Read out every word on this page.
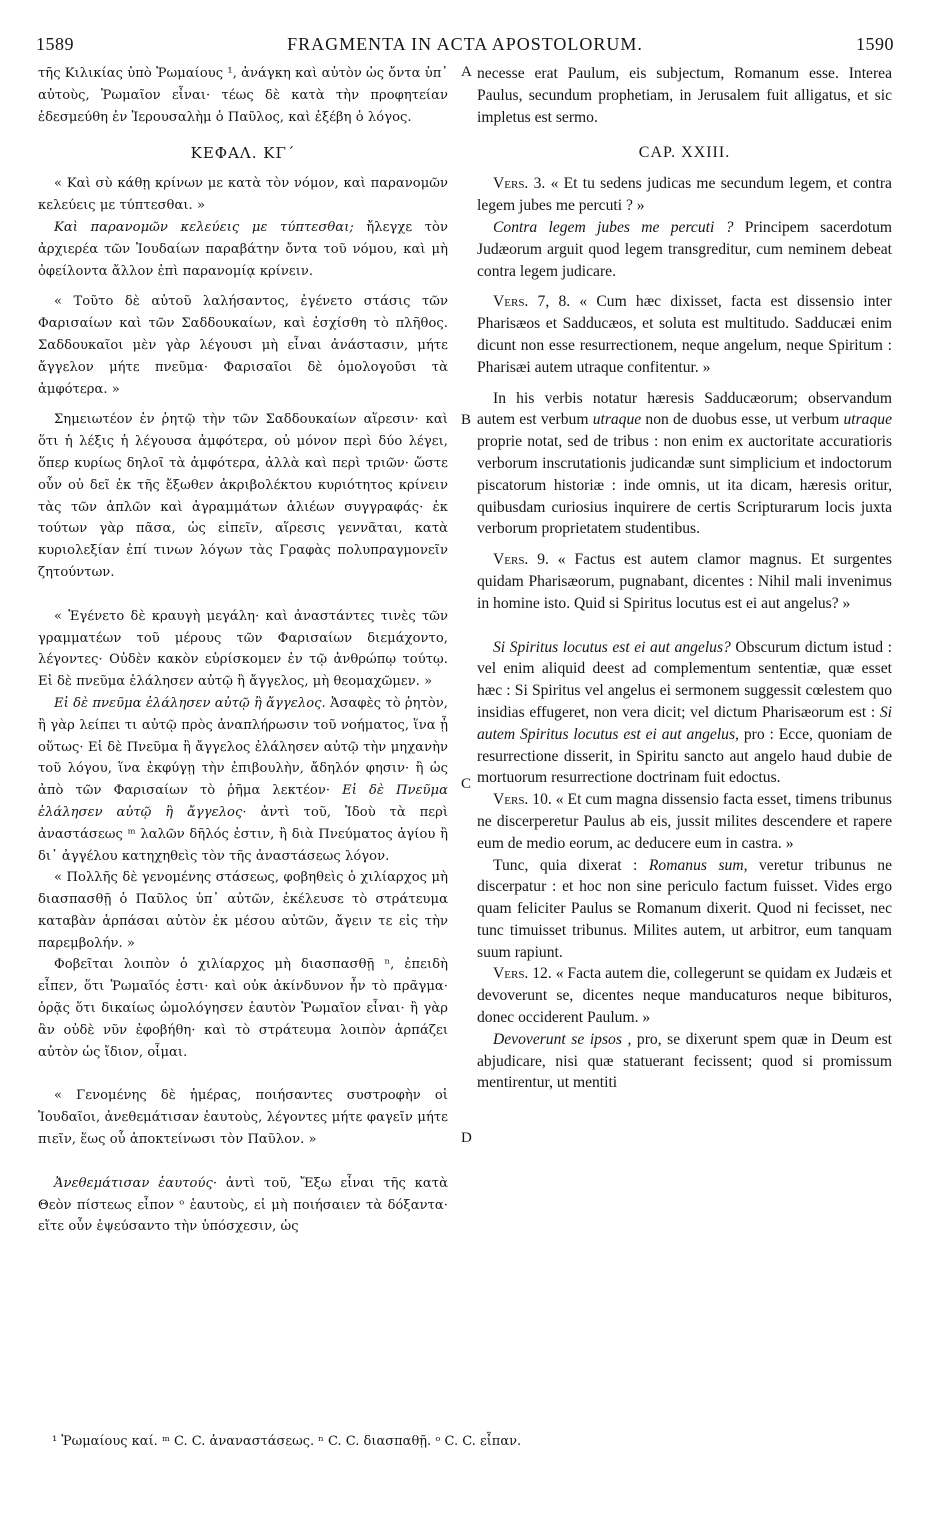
1589	FRAGMENTA IN ACTA APOSTOLORUM.	1590

τῆς Κιλικίας ὑπὸ Ῥωμαίους ¹, ἀνάγκη καὶ αὐτὸν ὡς ὄντα ὑπ᾽ αὐτοὺς, Ῥωμαῖον εἶναι· τέως δὲ κατὰ τὴν προφητείαν ἐδεσμεύθη ἐν Ἱερουσαλὴμ ὁ Παῦλος, καὶ ἐξέβη ὁ λόγος.

ΚΕΦΑΛ. ΚΓ´

« Καὶ σὺ κάθῃ κρίνων με κατὰ τὸν νόμον, καὶ παρανομῶν κελεύεις με τύπτεσθαι. »

Καὶ παρανομῶν κελεύεις με τύπτεσθαι; ἤλεγχε τὸν ἀρχιερέα τῶν Ἰουδαίων παραβάτην ὄντα τοῦ νόμου, καὶ μὴ ὀφείλοντα ἄλλον ἐπὶ παρανομίᾳ κρίνειν.

« Τοῦτο δὲ αὐτοῦ λαλήσαντος, ἐγένετο στάσις τῶν Φαρισαίων καὶ τῶν Σαδδουκαίων, καὶ ἐσχίσθη τὸ πλῆθος. Σαδδουκαῖοι μὲν γὰρ λέγουσι μὴ εἶναι ἀνάστασιν, μήτε ἄγγελον μήτε πνεῦμα· Φαρισαῖοι δὲ ὁμολογοῦσι τὰ ἀμφότερα. »

Σημειωτέον ἐν ῥητῷ τὴν τῶν Σαδδουκαίων αἵρεσιν· καὶ ὅτι ἡ λέξις ἡ λέγουσα ἀμφότερα, οὐ μόνον περὶ δύο λέγει, ὅπερ κυρίως δηλοῖ τὰ ἀμφότερα, ἀλλὰ καὶ περὶ τριῶν· ὥστε οὖν οὐ δεῖ ἐκ τῆς ἔξωθεν ἀκριβολέκτου κυριότητος κρίνειν τὰς τῶν ἁπλῶν καὶ ἀγραμμάτων ἁλιέων συγγραφάς· ἐκ τούτων γὰρ πᾶσα, ὡς εἰπεῖν, αἵρεσις γεννᾶται, κατὰ κυριολεξίαν ἐπί τινων λόγων τὰς Γραφὰς πολυπραγμονεῖν ζητούντων.

« Ἐγένετο δὲ κραυγὴ μεγάλη· καὶ ἀναστάντες τινὲς τῶν γραμματέων τοῦ μέρους τῶν Φαρισαίων διεμάχοντο, λέγοντες· Οὐδὲν κακὸν εὑρίσκομεν ἐν τῷ ἀνθρώπῳ τούτῳ. Εἰ δὲ πνεῦμα ἐλάλησεν αὐτῷ ἢ ἄγγελος, μὴ θεομαχῶμεν. »

Εἰ δὲ πνεῦμα ἐλάλησεν αὐτῷ ἢ ἄγγελος. Ἀσαφὲς τὸ ῥητὸν, ἢ γὰρ λείπει τι αὐτῷ πρὸς ἀναπλήρωσιν τοῦ νοήματος, ἵνα ᾖ οὕτως· Εἰ δὲ Πνεῦμα ἢ ἄγγελος ἐλάλησεν αὐτῷ τὴν μηχανὴν τοῦ λόγου, ἵνα ἐκφύγῃ τὴν ἐπιβουλὴν, ἄδηλόν φησιν· ἢ ὡς ἀπὸ τῶν Φαρισαίων τὸ ῥῆμα λεκτέον· Εἰ δὲ Πνεῦμα ἐλάλησεν αὐτῷ ἢ ἄγγελος· ἀντὶ τοῦ, Ἰδοὺ τὰ περὶ ἀναστάσεως ᵐ λαλῶν δῆλός ἐστιν, ἢ διὰ Πνεύματος ἁγίου ἢ δι᾽ ἀγγέλου κατηχηθεὶς τὸν τῆς ἀναστάσεως λόγον.

« Πολλῆς δὲ γενομένης στάσεως, φοβηθεὶς ὁ χιλίαρχος μὴ διασπασθῇ ὁ Παῦλος ὑπ᾽ αὐτῶν, ἐκέλευσε τὸ στράτευμα καταβὰν ἁρπάσαι αὐτὸν ἐκ μέσου αὐτῶν, ἄγειν τε εἰς τὴν παρεμβολήν. »

Φοβεῖται λοιπὸν ὁ χιλίαρχος μὴ διασπασθῇ ⁿ, ἐπειδὴ εἶπεν, ὅτι Ῥωμαῖός ἐστι· καὶ οὐκ ἀκίνδυνον ἦν τὸ πρᾶγμα· ὁρᾷς ὅτι δικαίως ὡμολόγησεν ἑαυτὸν Ῥωμαῖον εἶναι· ἢ γὰρ ἂν οὐδὲ νῦν ἐφοβήθη· καὶ τὸ στράτευμα λοιπὸν ἁρπάζει αὐτὸν ὡς ἴδιον, οἶμαι.

« Γενομένης δὲ ἡμέρας, ποιήσαντες συστροφὴν οἱ Ἰουδαῖοι, ἀνεθεμάτισαν ἑαυτοὺς, λέγοντες μήτε φαγεῖν μήτε πιεῖν, ἕως οὗ ἀποκτείνωσι τὸν Παῦλον. »

Ἀνεθεμάτισαν ἑαυτούς· ἀντὶ τοῦ, Ἔξω εἶναι τῆς κατὰ Θεὸν πίστεως εἶπον ᵒ ἑαυτοὺς, εἰ μὴ ποιήσαιεν τὰ δόξαντα· εἴτε οὖν ἐψεύσαντο τὴν ὑπόσχεσιν, ὡς

necesse erat Paulum, eis subjectum, Romanum esse. Interea Paulus, secundum prophetiam, in Jerusalem fuit alligatus, et sic impletus est sermo.

CAP. XXIII.

Vers. 3. « Et tu sedens judicas me secundum legem, et contra legem jubes me percuti ? »

Contra legem jubes me percuti ? Principem sacerdotum Judæorum arguit quod legem transgreditur, cum neminem debeat contra legem judicare.

Vers. 7, 8. « Cum hæc dixisset, facta est dissensio inter Pharisæos et Sadducæos, et soluta est multitudo. Sadducæi enim dicunt non esse resurrectionem, neque angelum, neque Spiritum : Pharisæi autem utraque confitentur. »

In his verbis notatur hæresis Sadducæorum; observandum autem est verbum utraque non de duobus esse, ut verbum utraque proprie notat, sed de tribus : non enim ex auctoritate accuratioris verborum inscrutationis judicandæ sunt simplicium et indoctorum piscatorum historiæ : inde omnis, ut ita dicam, hæresis oritur, quibusdam curiosius inquirere de certis Scripturarum locis juxta verborum proprietatem studentibus.

Vers. 9. « Factus est autem clamor magnus. Et surgentes quidam Pharisæorum, pugnabant, dicentes : Nihil mali invenimus in homine isto. Quid si Spiritus locutus est ei aut angelus? »

Si Spiritus locutus est ei aut angelus? Obscurum dictum istud : vel enim aliquid deest ad complementum sententiæ, quæ esset hæc : Si Spiritus vel angelus ei sermonem suggessit cœlestem quo insidias effugeret, non vera dicit; vel dictum Pharisæorum est : Si autem Spiritus locutus est ei aut angelus, pro : Ecce, quoniam de resurrectione disserit, in Spiritu sancto aut angelo haud dubie de mortuorum resurrectione doctrinam fuit edoctus.

Vers. 10. « Et cum magna dissensio facta esset, timens tribunus ne discerperetur Paulus ab eis, jussit milites descendere et rapere eum de medio eorum, ac deducere eum in castra. »

Tunc, quia dixerat : Romanus sum, veretur tribunus ne discerpatur : et hoc non sine periculo factum fuisset. Vides ergo quam feliciter Paulus se Romanum dixerit. Quod ni fecisset, nec tunc timuisset tribunus. Milites autem, ut arbitror, eum tanquam suum rapiunt.

Vers. 12. « Facta autem die, collegerunt se quidam ex Judæis et devoverunt se, dicentes neque manducaturos neque bibituros, donec occiderent Paulum. »

Devoverunt se ipsos , pro, se dixerunt spem quæ in Deum est abjudicare, nisi quæ statuerant fecissent; quod si promissum mentirentur, ut mentiti

A
B
C
D
¹ Ῥωμαίους καί. ᵐ C. C. ἀναναστάσεως. ⁿ C. C. διασπαθῇ. ᵒ C. C. εἶπαν.
